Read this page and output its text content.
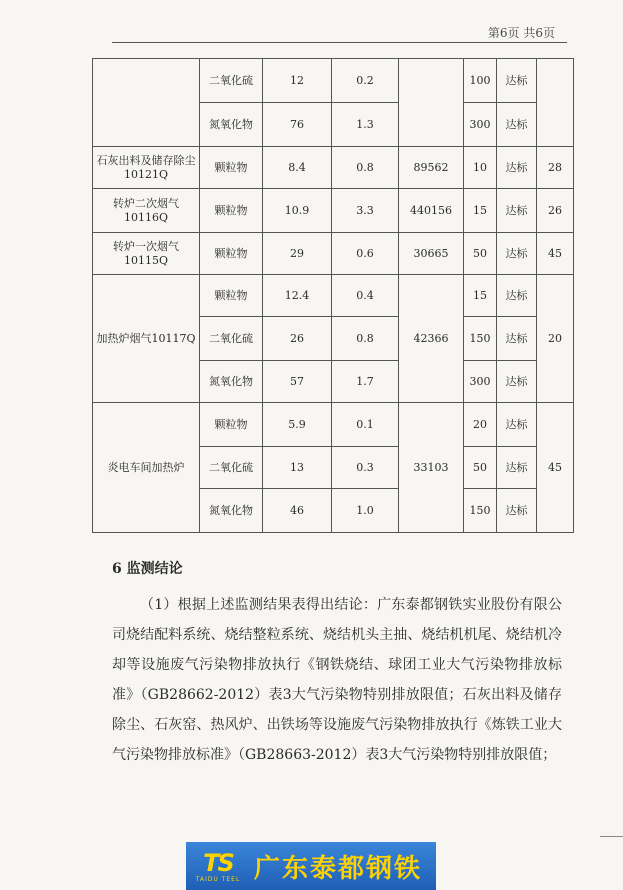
第6页 共6页
	二氧化硫	12	0.2		100	达标	
	氮氧化物	76	1.3		300	达标	
石灰出料及储存除尘 10121Q	颗粒物	8.4	0.8	89562	10	达标	28
转炉二次烟气10116Q	颗粒物	10.9	3.3	440156	15	达标	26
转炉一次烟气10115Q	颗粒物	29	0.6	30665	50	达标	45
加热炉烟气10117Q	颗粒物	12.4	0.4	42366	15	达标	20
	二氧化硫	26	0.8		150	达标	
	氮氧化物	57	1.7		300	达标	
炎电车间加热炉	颗粒物	5.9	0.1	33103	20	达标	45
	二氧化硫	13	0.3		50	达标	
	氮氧化物	46	1.0		150	达标	
6 监测结论
（1）根据上述监测结果表得出结论：广东泰都钢铁实业股份有限公司烧结配料系统、烧结整粒系统、烧结机头主抽、烧结机机尾、烧结机冷却等设施废气污染物排放执行《钢铁烧结、球团工业大气污染物排放标准》（GB28662-2012）表3大气污染物特别排放限值；石灰出料及储存除尘、石灰窑、热风炉、出铁场等设施废气污染物排放执行《炼铁工业大气污染物排放标准》（GB28663-2012）表3大气污染物特别排放限值；
TS
TAIDU TEEL 广东泰都钢铁
